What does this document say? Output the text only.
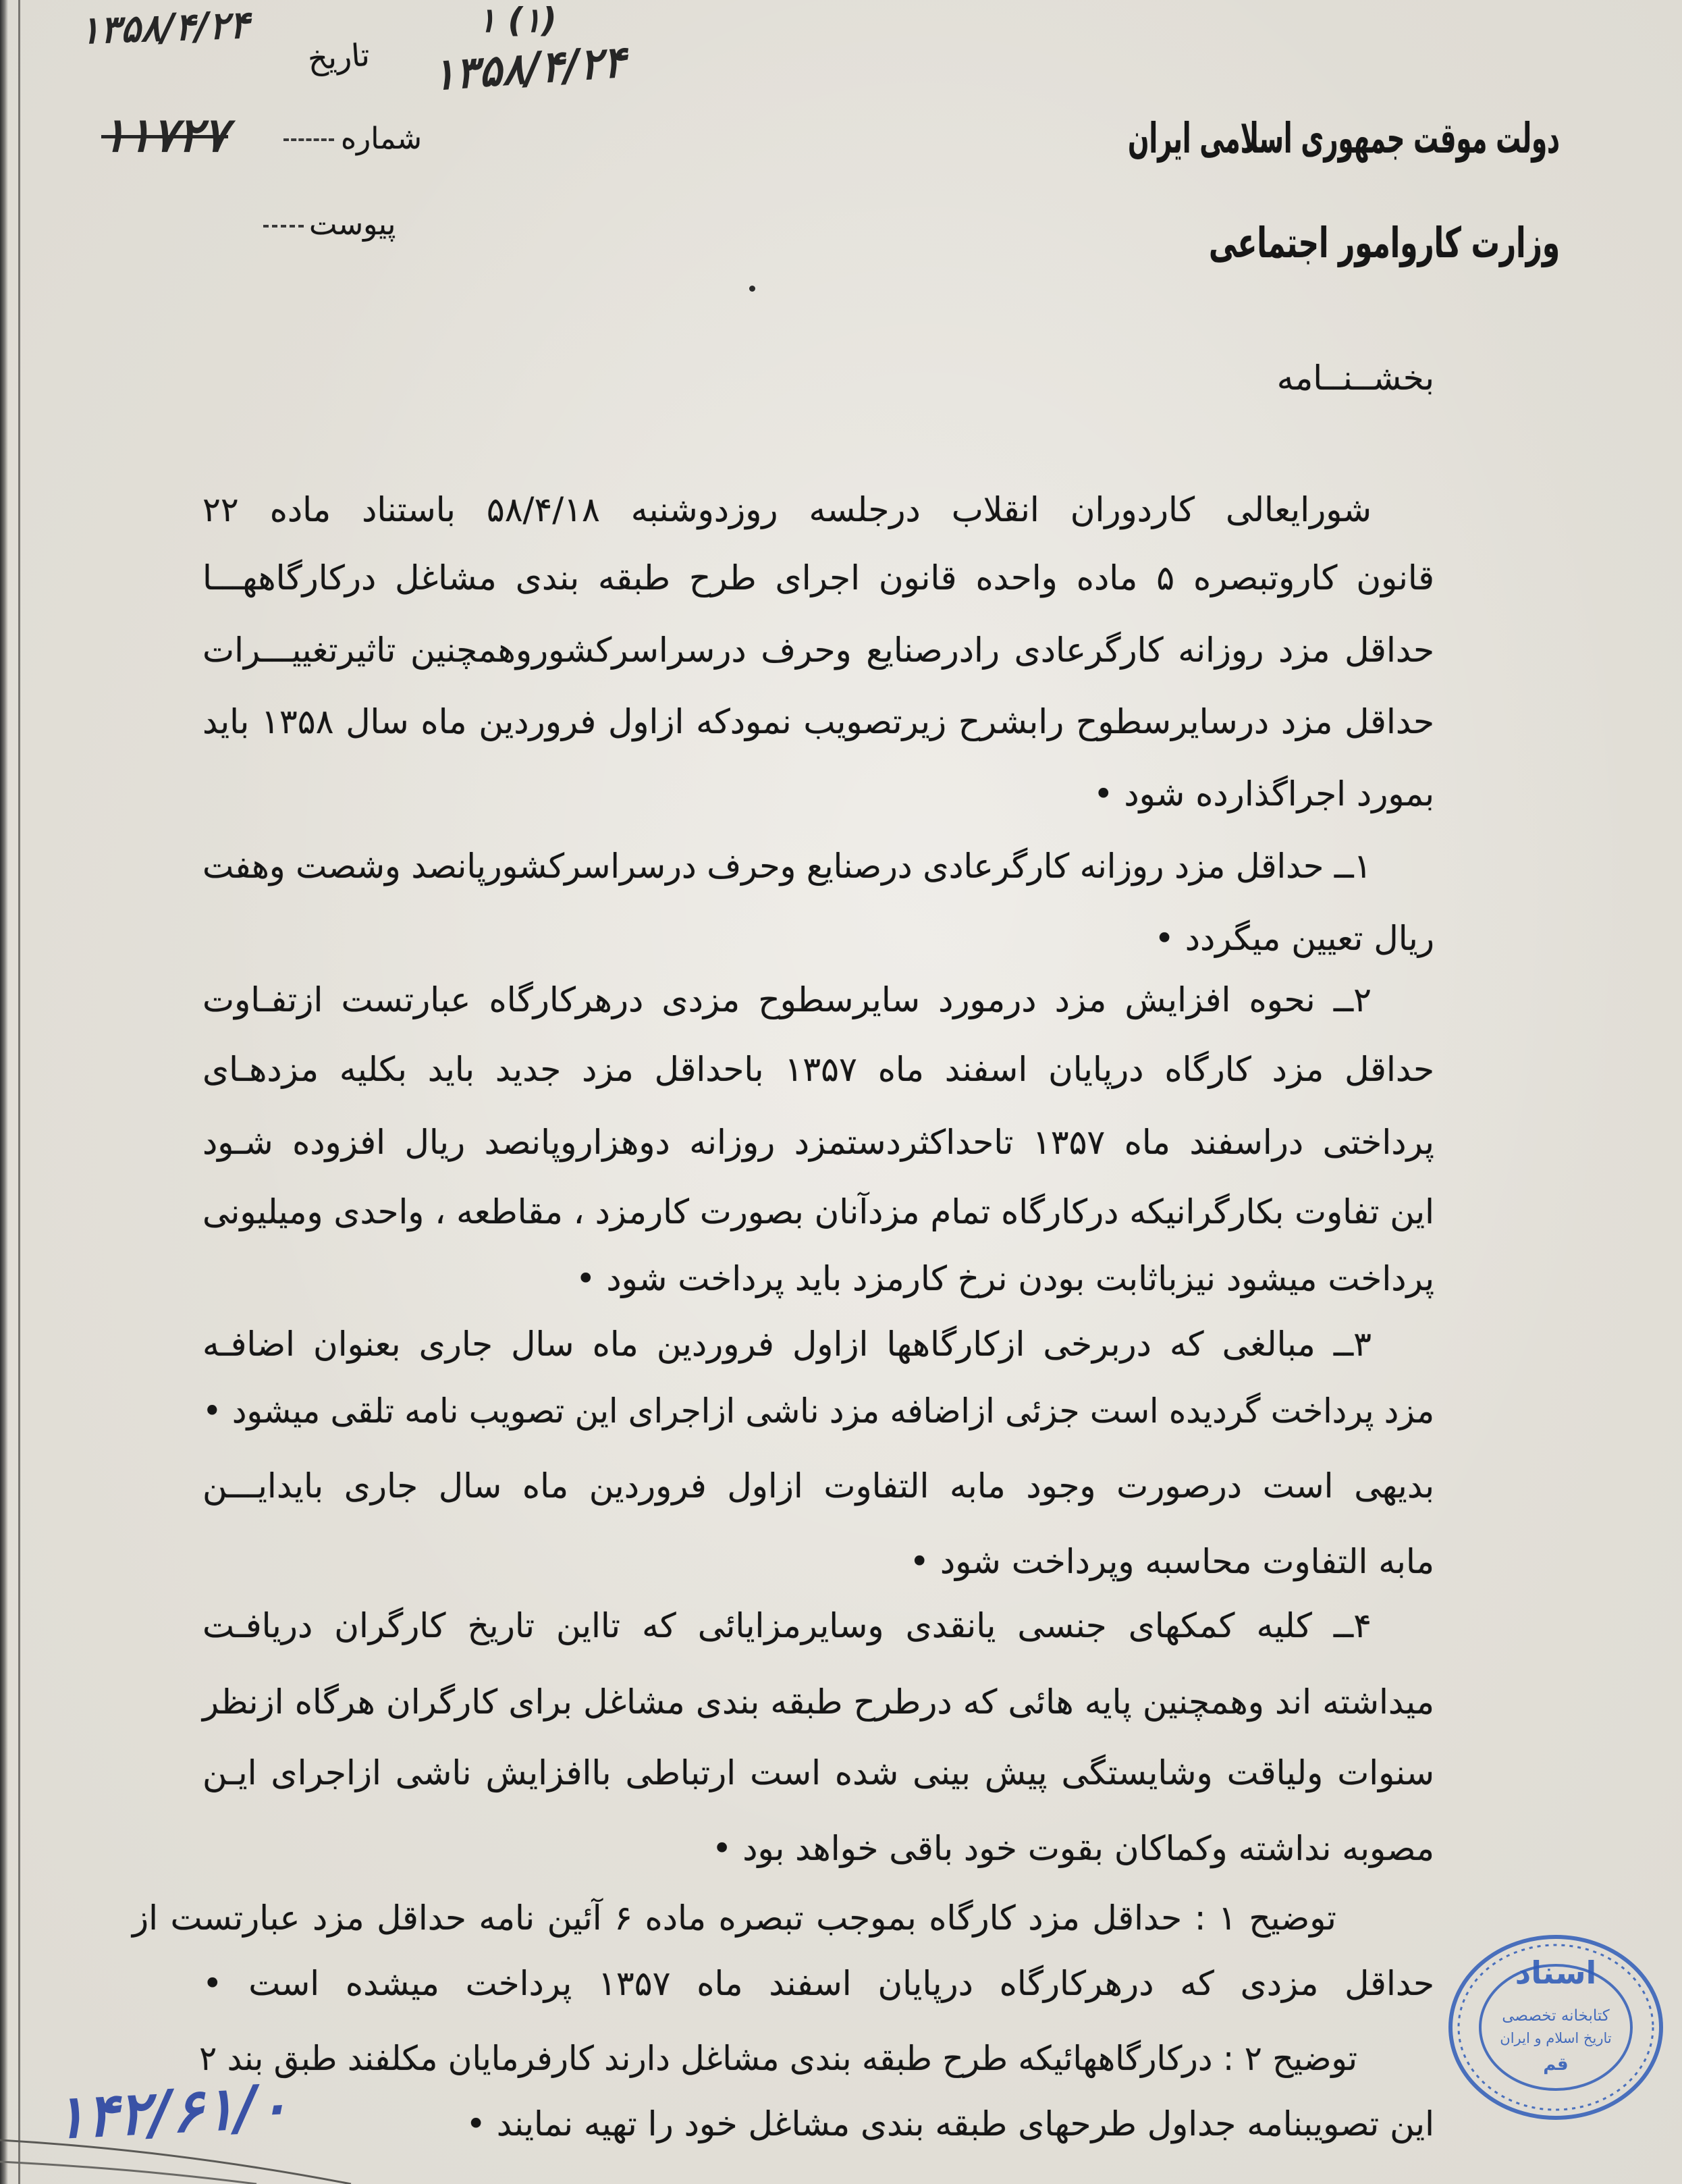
۱۳۵۸/۴/۲۴
تاریخ
۱ (۱)
۱۳۵۸/۴/۲۴
۱۱۷۲۷	شماره
پیوست
دولت موقت جمهوری اسلامی ایران
وزارت کاروامور اجتماعی
بخشــنــامه
شورایعالی کاردوران انقلاب درجلسه روزدوشنبه ۵۸/۴/۱۸ باستناد ماده ۲۲
قانون کاروتبصره ۵ ماده واحده قانون اجرای طرح طبقه بندی مشاغل درکارگاههـــا
حداقل مزد روزانه کارگرعادی رادرصنایع وحرف درسراسرکشوروهمچنین تاثیرتغییـــرات
حداقل مزد درسایرسطوح رابشرح زیرتصویب نمودکه ازاول فروردین ماه سال ۱۳۵۸ باید
بمورد اجراگذارده شود •
۱ــ حداقل مزد روزانه کارگرعادی درصنایع وحرف درسراسرکشورپانصد وشصت وهفت
ریال تعیین میگردد •
۲ــ نحوه افزایش مزد درمورد سایرسطوح مزدی درهرکارگاه عبارتست ازتفـاوت
حداقل مزد کارگاه درپایان اسفند ماه ۱۳۵۷ باحداقل مزد جدید باید بکلیه مزدهـای
پرداختی دراسفند ماه ۱۳۵۷ تاحداکثردستمزد روزانه دوهزاروپانصد ریال افزوده شـود
این تفاوت بکارگرانیکه درکارگاه تمام مزدآنان بصورت کارمزد ، مقاطعه ، واحدی ومیلیونی
پرداخت میشود نیزباثابت بودن نرخ کارمزد باید پرداخت شود •
۳ــ مبالغی که دربرخی ازکارگاهها ازاول فروردین ماه سال جاری بعنوان اضافـه
مزد پرداخت گردیده است جزئی ازاضافه مزد ناشی ازاجرای این تصویب نامه تلقی میشود •
بدیهی است درصورت وجود مابه التفاوت ازاول فروردین ماه سال جاری بایدایـــن
مابه التفاوت محاسبه وپرداخت شود •
۴ــ کلیه کمکهای جنسی یانقدی وسایرمزایائی که تااین تاریخ کارگران دریافـت
میداشته اند وهمچنین پایه هائی که درطرح طبقه بندی مشاغل برای کارگران هرگاه ازنظر
سنوات ولیاقت وشایستگی پیش بینی شده است ارتباطی باافزایش ناشی ازاجرای ایـن
مصوبه نداشته وکماکان بقوت خود باقی خواهد بود •
توضیح ۱ : حداقل مزد کارگاه بموجب تبصره ماده ۶ آئین نامه حداقل مزد عبارتست از
حداقل مزدی که درهرکارگاه درپایان اسفند ماه ۱۳۵۷ پرداخت میشده است •
توضیح ۲ : درکارگاههائیکه طرح طبقه بندی مشاغل دارند کارفرمایان مکلفند طبق بند ۲
این تصویبنامه جداول طرحهای طبقه بندی مشاغل خود را تهیه نمایند •
۱۴۲/۶۱/۰
اسناد
کتابخانه تخصصی
تاریخ اسلام و ایران
قم
